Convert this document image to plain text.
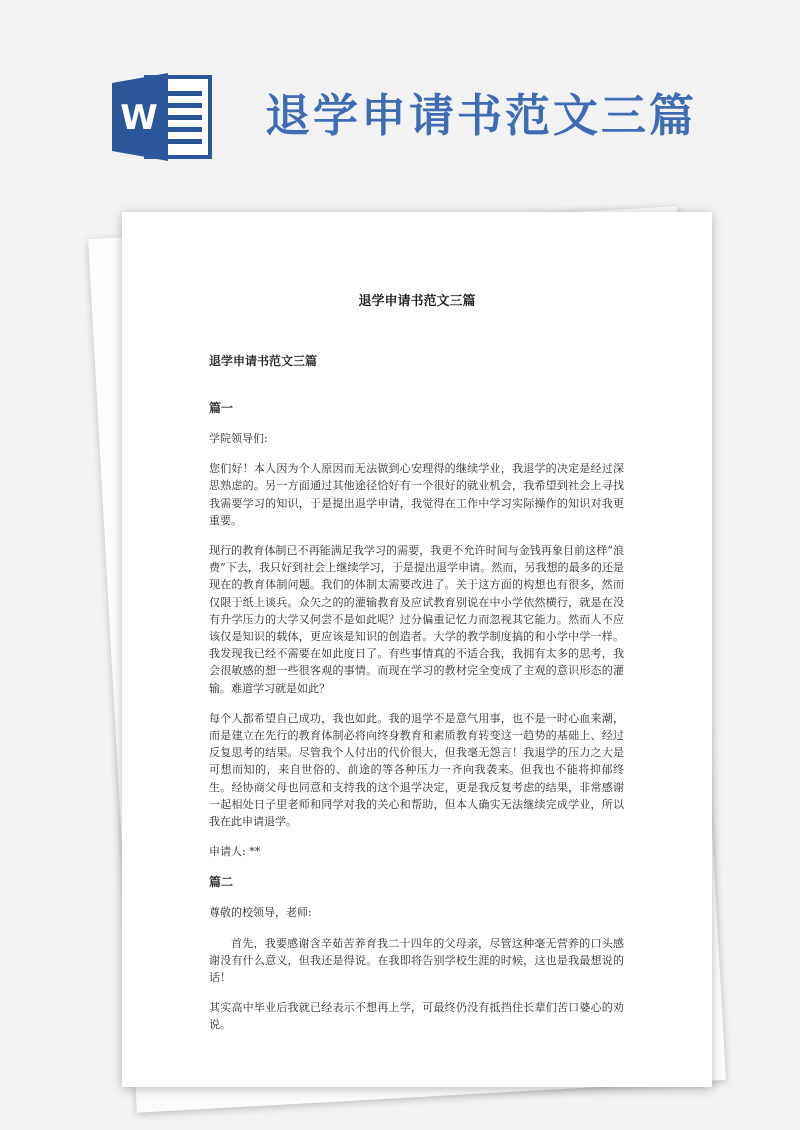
W 退学申请书范文三篇
退学申请书范文三篇

退学申请书范文三篇

篇一

学院领导们:

您们好！本人因为个人原因而无法做到心安理得的继续学业，我退学的决定是经过深思熟虑的。另一方面通过其他途径恰好有一个很好的就业机会，我希望到社会上寻找我需要学习的知识，于是提出退学申请，我觉得在工作中学习实际操作的知识对我更重要。

现行的教育体制已不再能满足我学习的需要，我更不允许时间与金钱再象目前这样“浪费”下去，我只好到社会上继续学习，于是提出退学申请。然而，另我想的最多的还是现在的教育体制问题。我们的体制太需要改进了。关于这方面的构想也有很多，然而仅限于纸上谈兵。众矢之的的灌输教育及应试教育别说在中小学依然横行，就是在没有升学压力的大学又何尝不是如此呢？过分偏重记忆力而忽视其它能力。然而人不应该仅是知识的载体，更应该是知识的创造者。大学的教学制度搞的和小学中学一样。我发现我已经不需要在如此度日了。有些事情真的不适合我，我拥有太多的思考，我会很敏感的想一些很客观的事情。而现在学习的教材完全变成了主观的意识形态的灌输。难道学习就是如此？

每个人都希望自己成功，我也如此。我的退学不是意气用事，也不是一时心血来潮，而是建立在先行的教育体制必将向终身教育和素质教育转变这一趋势的基础上、经过反复思考的结果。尽管我个人付出的代价很大，但我毫无怨言！我退学的压力之大是可想而知的，来自世俗的、前途的等各种压力一齐向我袭来。但我也不能将抑郁终生。经协商父母也同意和支持我的这个退学决定，更是我反复考虑的结果，非常感谢一起相处日子里老师和同学对我的关心和帮助，但本人确实无法继续完成学业，所以我在此申请退学。

申请人: **

篇二

尊敬的校领导，老师:

首先，我要感谢含辛茹苦养育我二十四年的父母亲，尽管这种毫无营养的口头感谢没有什么意义，但我还是得说。在我即将告别学校生涯的时候，这也是我最想说的话！

其实高中毕业后我就已经表示不想再上学，可最终仍没有抵挡住长辈们苦口婆心的劝说。
